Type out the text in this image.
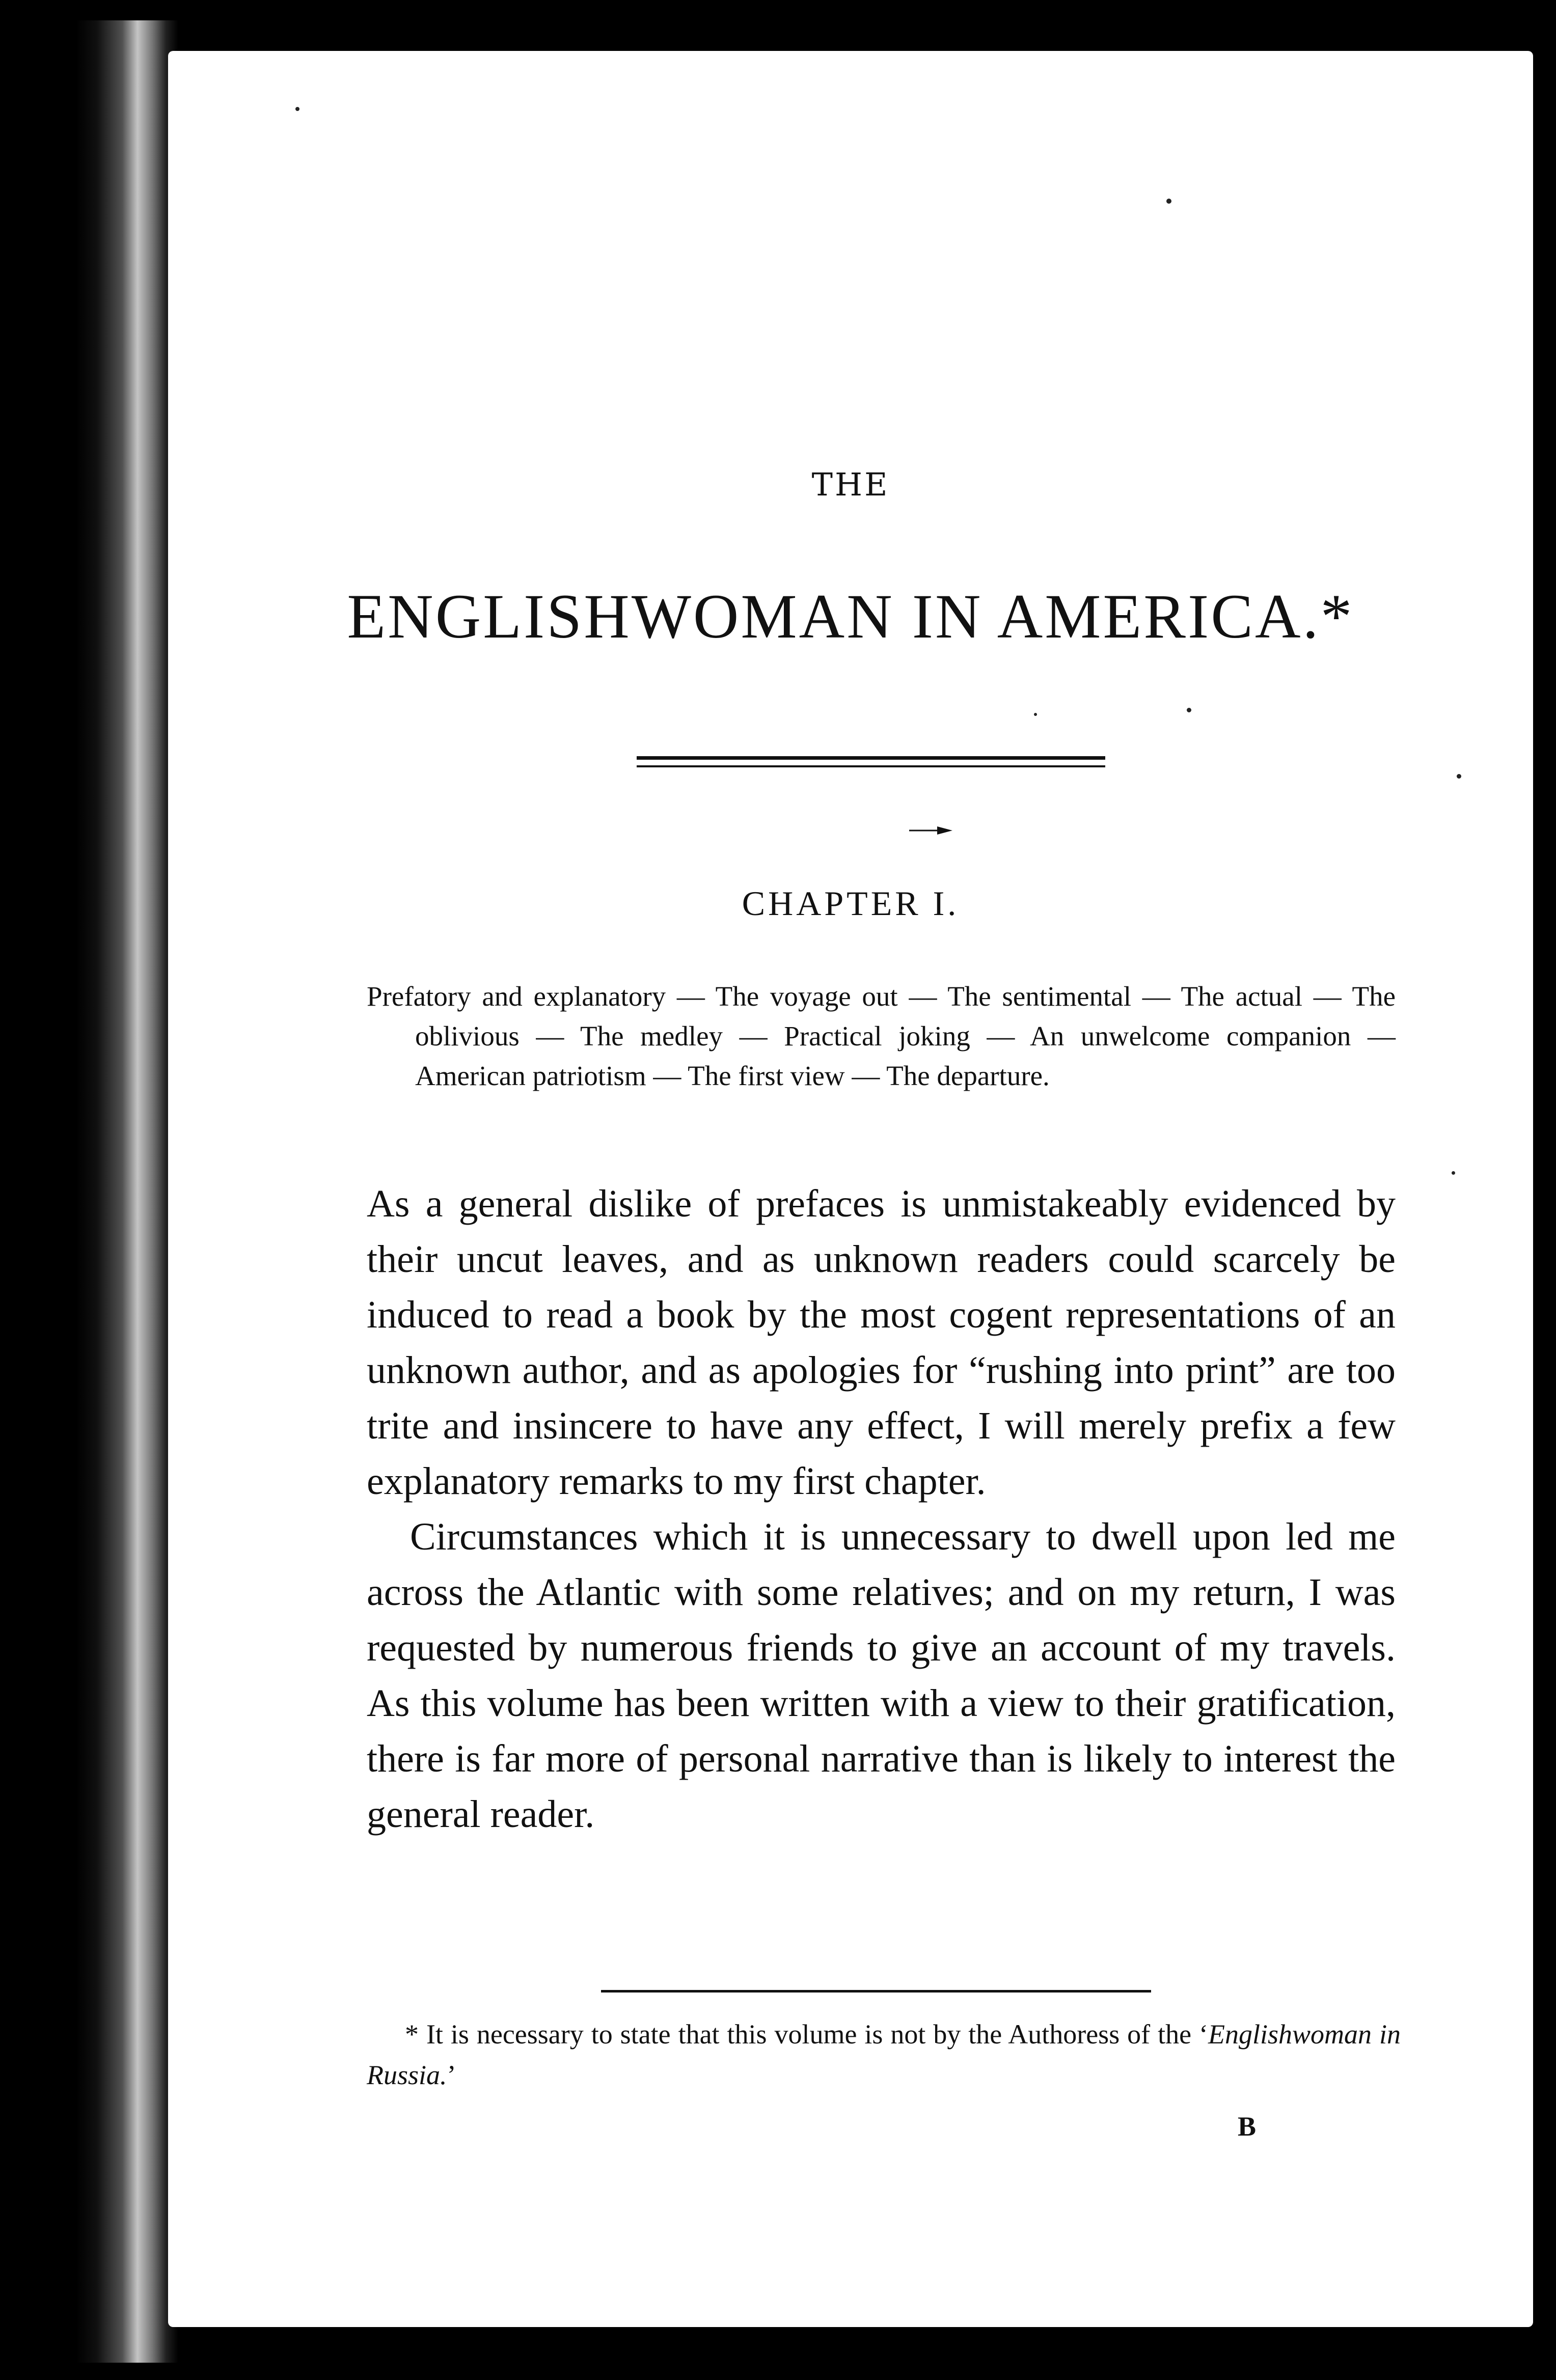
THE
ENGLISHWOMAN IN AMERICA.*
CHAPTER I.
Prefatory and explanatory — The voyage out — The sentimental — The actual — The oblivious — The medley — Practical joking — An unwelcome companion — American patriotism — The first view — The departure.

As a general dislike of prefaces is unmistakeably evidenced by their uncut leaves, and as unknown readers could scarcely be induced to read a book by the most cogent representations of an unknown author, and as apologies for “rushing into print” are too trite and insincere to have any effect, I will merely prefix a few explanatory remarks to my first chapter.

Circumstances which it is unnecessary to dwell upon led me across the Atlantic with some relatives; and on my return, I was requested by numerous friends to give an account of my travels. As this volume has been written with a view to their gratification, there is far more of personal narrative than is likely to interest the general reader.

* It is necessary to state that this volume is not by the Authoress of the ‘Englishwoman in Russia.’
B
